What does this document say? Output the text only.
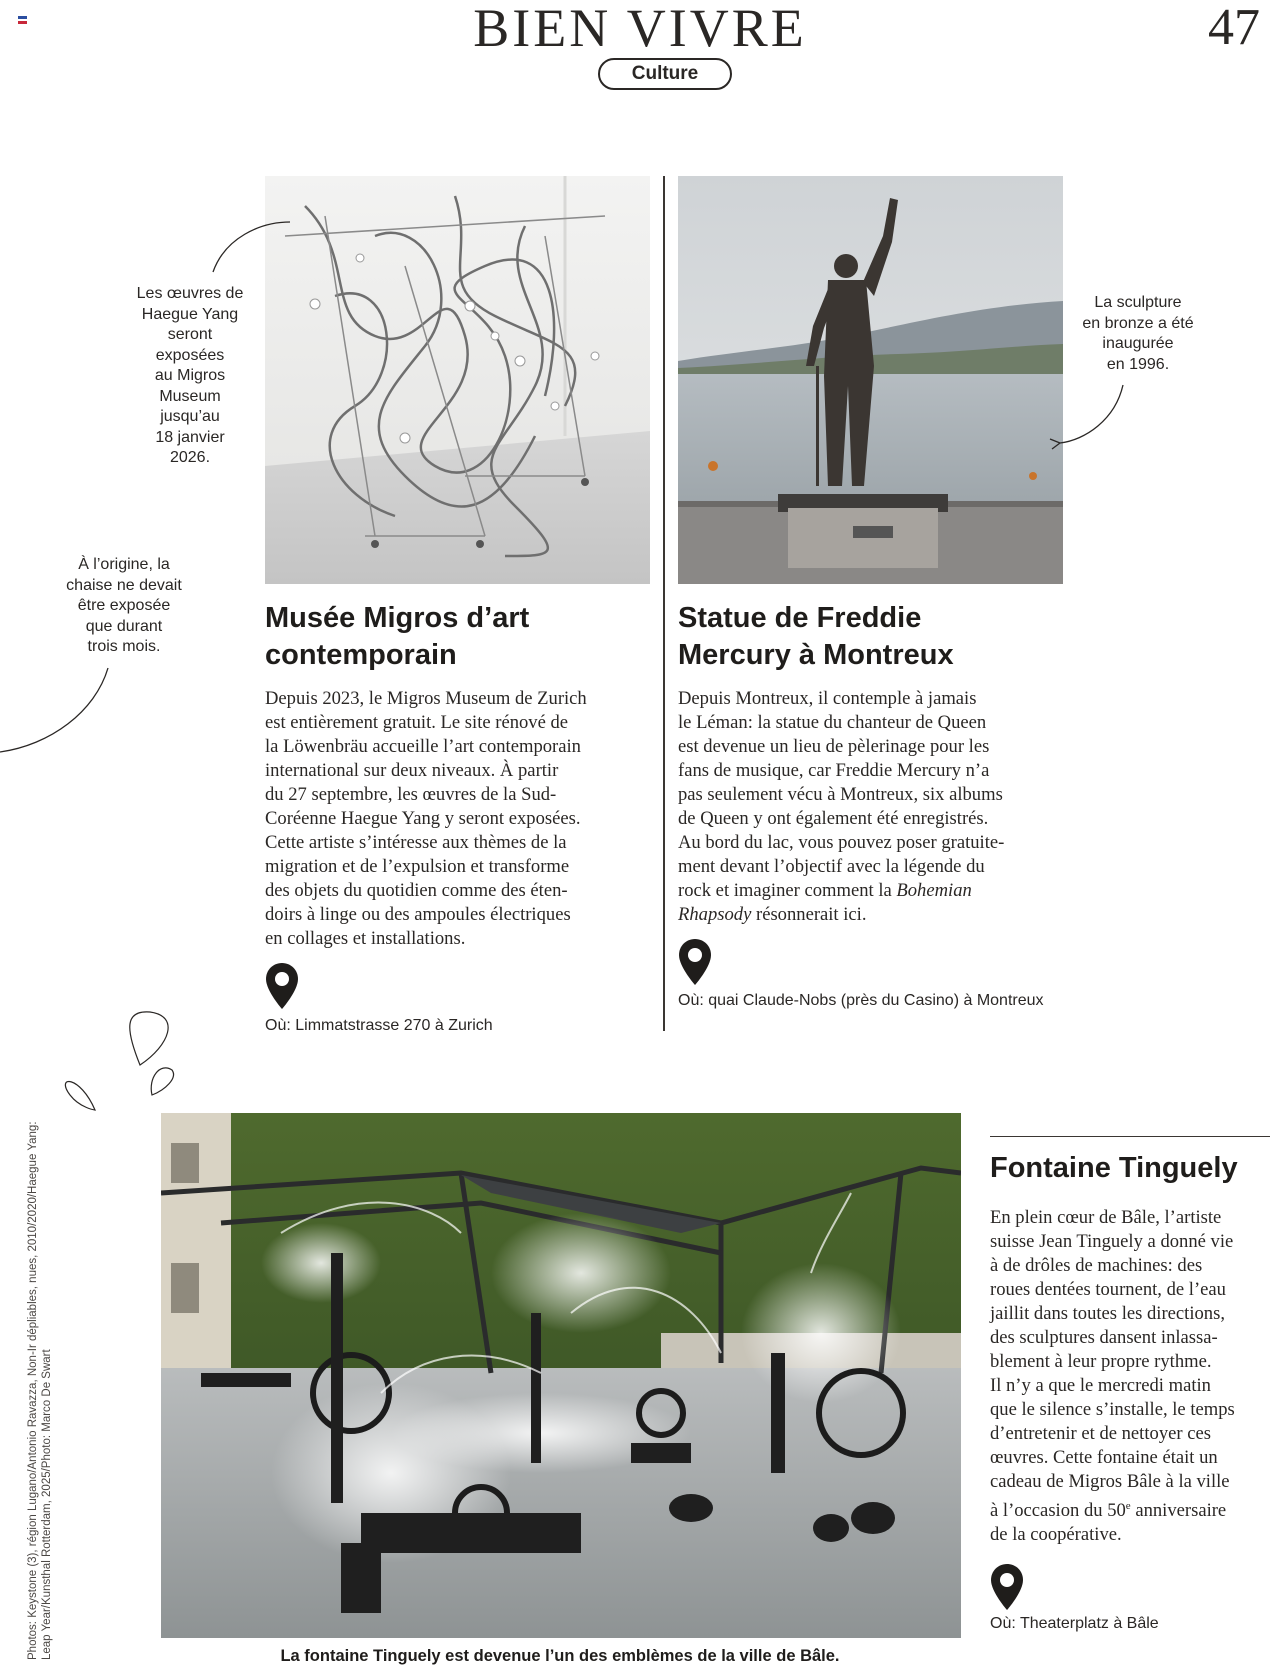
BIEN VIVRE	47
Culture
Musée Migros d’art
contemporain
Depuis 2023, le Migros Museum de Zurich
est entièrement gratuit. Le site rénové de
la Löwenbräu accueille l’art contemporain
international sur deux niveaux. À partir
du 27 septembre, les œuvres de la Sud-
Coréenne Haegue Yang y seront exposées.
Cette artiste s’intéresse aux thèmes de la
migration et de l’expulsion et transforme
des objets du quotidien comme des éten-
doirs à linge ou des ampoules électriques
en collages et installations.
Où: Limmatstrasse 270 à Zurich
Statue de Freddie
Mercury à Montreux
Depuis Montreux, il contemple à jamais
le Léman: la statue du chanteur de Queen
est devenue un lieu de pèlerinage pour les
fans de musique, car Freddie Mercury n’a
pas seulement vécu à Montreux, six albums
de Queen y ont également été enregistrés.
Au bord du lac, vous pouvez poser gratuite-
ment devant l’objectif avec la légende du
rock et imaginer comment la Bohemian
Rhapsody résonnerait ici.
Où: quai Claude-Nobs (près du Casino) à Montreux
Les œuvres de
Haegue Yang
seront
exposées
au Migros
Museum
jusqu’au
18 janvier
2026.
À l’origine, la
chaise ne devait
être exposée
que durant
trois mois.
La sculpture
en bronze a été
inaugurée
en 1996.
Fontaine Tinguely
En plein cœur de Bâle, l’artiste
suisse Jean Tinguely a donné vie
à de drôles de machines: des
roues dentées tournent, de l’eau
jaillit dans toutes les directions,
des sculptures dansent inlassa-
blement à leur propre rythme.
Il n’y a que le mercredi matin
que le silence s’installe, le temps
d’entretenir et de nettoyer ces
œuvres. Cette fontaine était un
cadeau de Migros Bâle à la ville
à l’occasion du 50e anniversaire
de la coopérative.
Où: Theaterplatz à Bâle
La fontaine Tinguely est devenue l’un des emblèmes de la ville de Bâle.
Photos: Keystone (3), région Lugano/Antonio Ravazza, Non-Ir dépliables, nues, 2010/2020/Haegue Yang: Leap Year/Kunsthal Rotterdam, 2025/Photo: Marco De Swart
